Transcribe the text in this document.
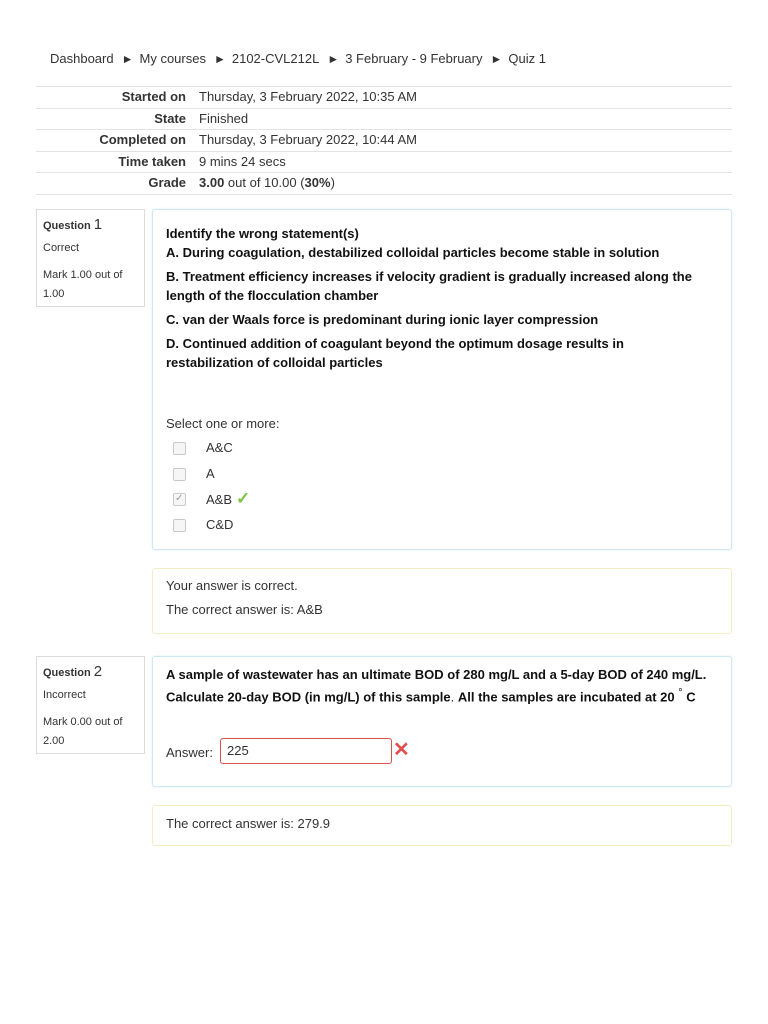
Dashboard ► My courses ► 2102-CVL212L ► 3 February - 9 February ► Quiz 1
Started on	Thursday, 3 February 2022, 10:35 AM
State	Finished
Completed on	Thursday, 3 February 2022, 10:44 AM
Time taken	9 mins 24 secs
Grade	3.00 out of 10.00 (30%)
Question 1
Correct
Mark 1.00 out of 1.00

Identify the wrong statement(s)

A. During coagulation, destabilized colloidal particles become stable in solution

B. Treatment efficiency increases if velocity gradient is gradually increased along the length of the flocculation chamber

C. van der Waals force is predominant during ionic layer compression

D. Continued addition of coagulant beyond the optimum dosage results in restabilization of colloidal particles

Select one or more:
A&C
A
✓
A&B ✓
C&D
Your answer is correct.
The correct answer is: A&B
Question 2
Incorrect
Mark 0.00 out of 2.00
A sample of wastewater has an ultimate BOD of 280 mg/L and a 5-day BOD of 240 mg/L. Calculate 20-day BOD (in mg/L) of this sample. All the samples are incubated at 20 ° C
Answer:	225	✕
The correct answer is: 279.9
